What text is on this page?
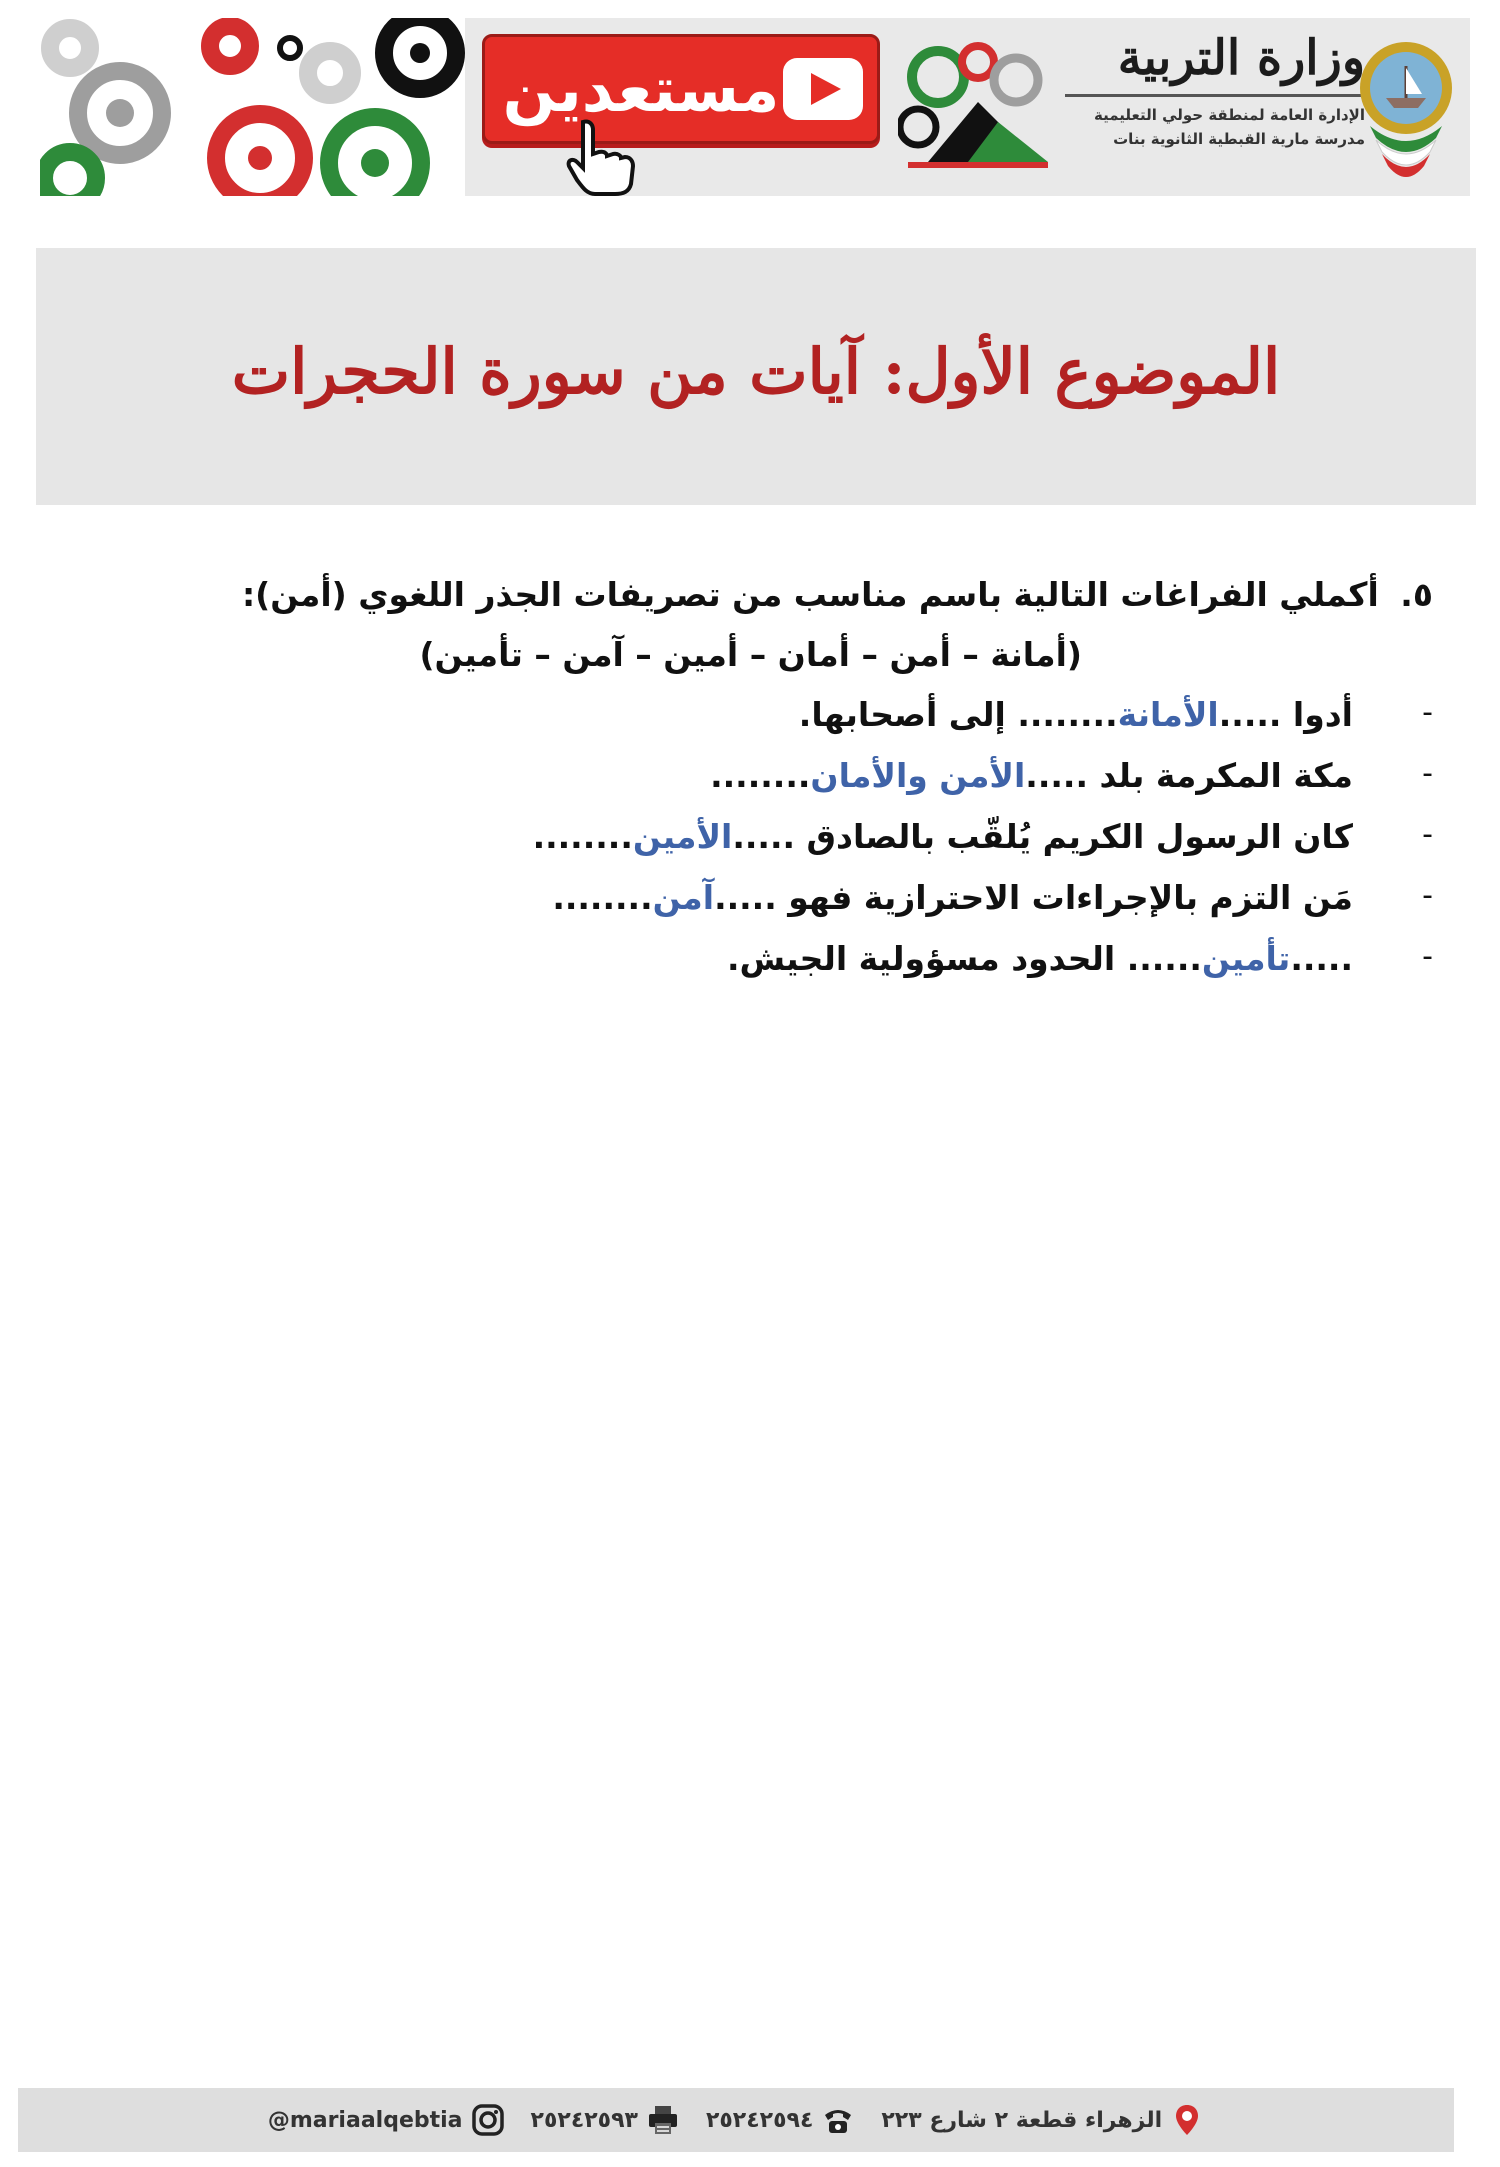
مستعدين	وزارة التربية
الإدارة العامة لمنطقة حولي التعليمية
مدرسة مارية القبطية الثانوية بنات
الموضوع الأول: آيات من سورة الحجرات
٥. أكملي الفراغات التالية باسم مناسب من تصريفات الجذر اللغوي (أمن):
(أمانة – أمن – أمان – أمين – آمن – تأمين)
-
أدوا .....الأمانة........ إلى أصحابها.
-
مكة المكرمة بلد .....الأمن والأمان........
-
كان الرسول الكريم يُلقّب بالصادق .....الأمين........
-
مَن التزم بالإجراءات الاحترازية فهو .....آمن........
-
.....تأمين...... الحدود مسؤولية الجيش.
الزهراء قطعة ٢ شارع ٢٢٣
٢٥٢٤٢٥٩٤
٢٥٢٤٢٥٩٣
@mariaalqebtia
